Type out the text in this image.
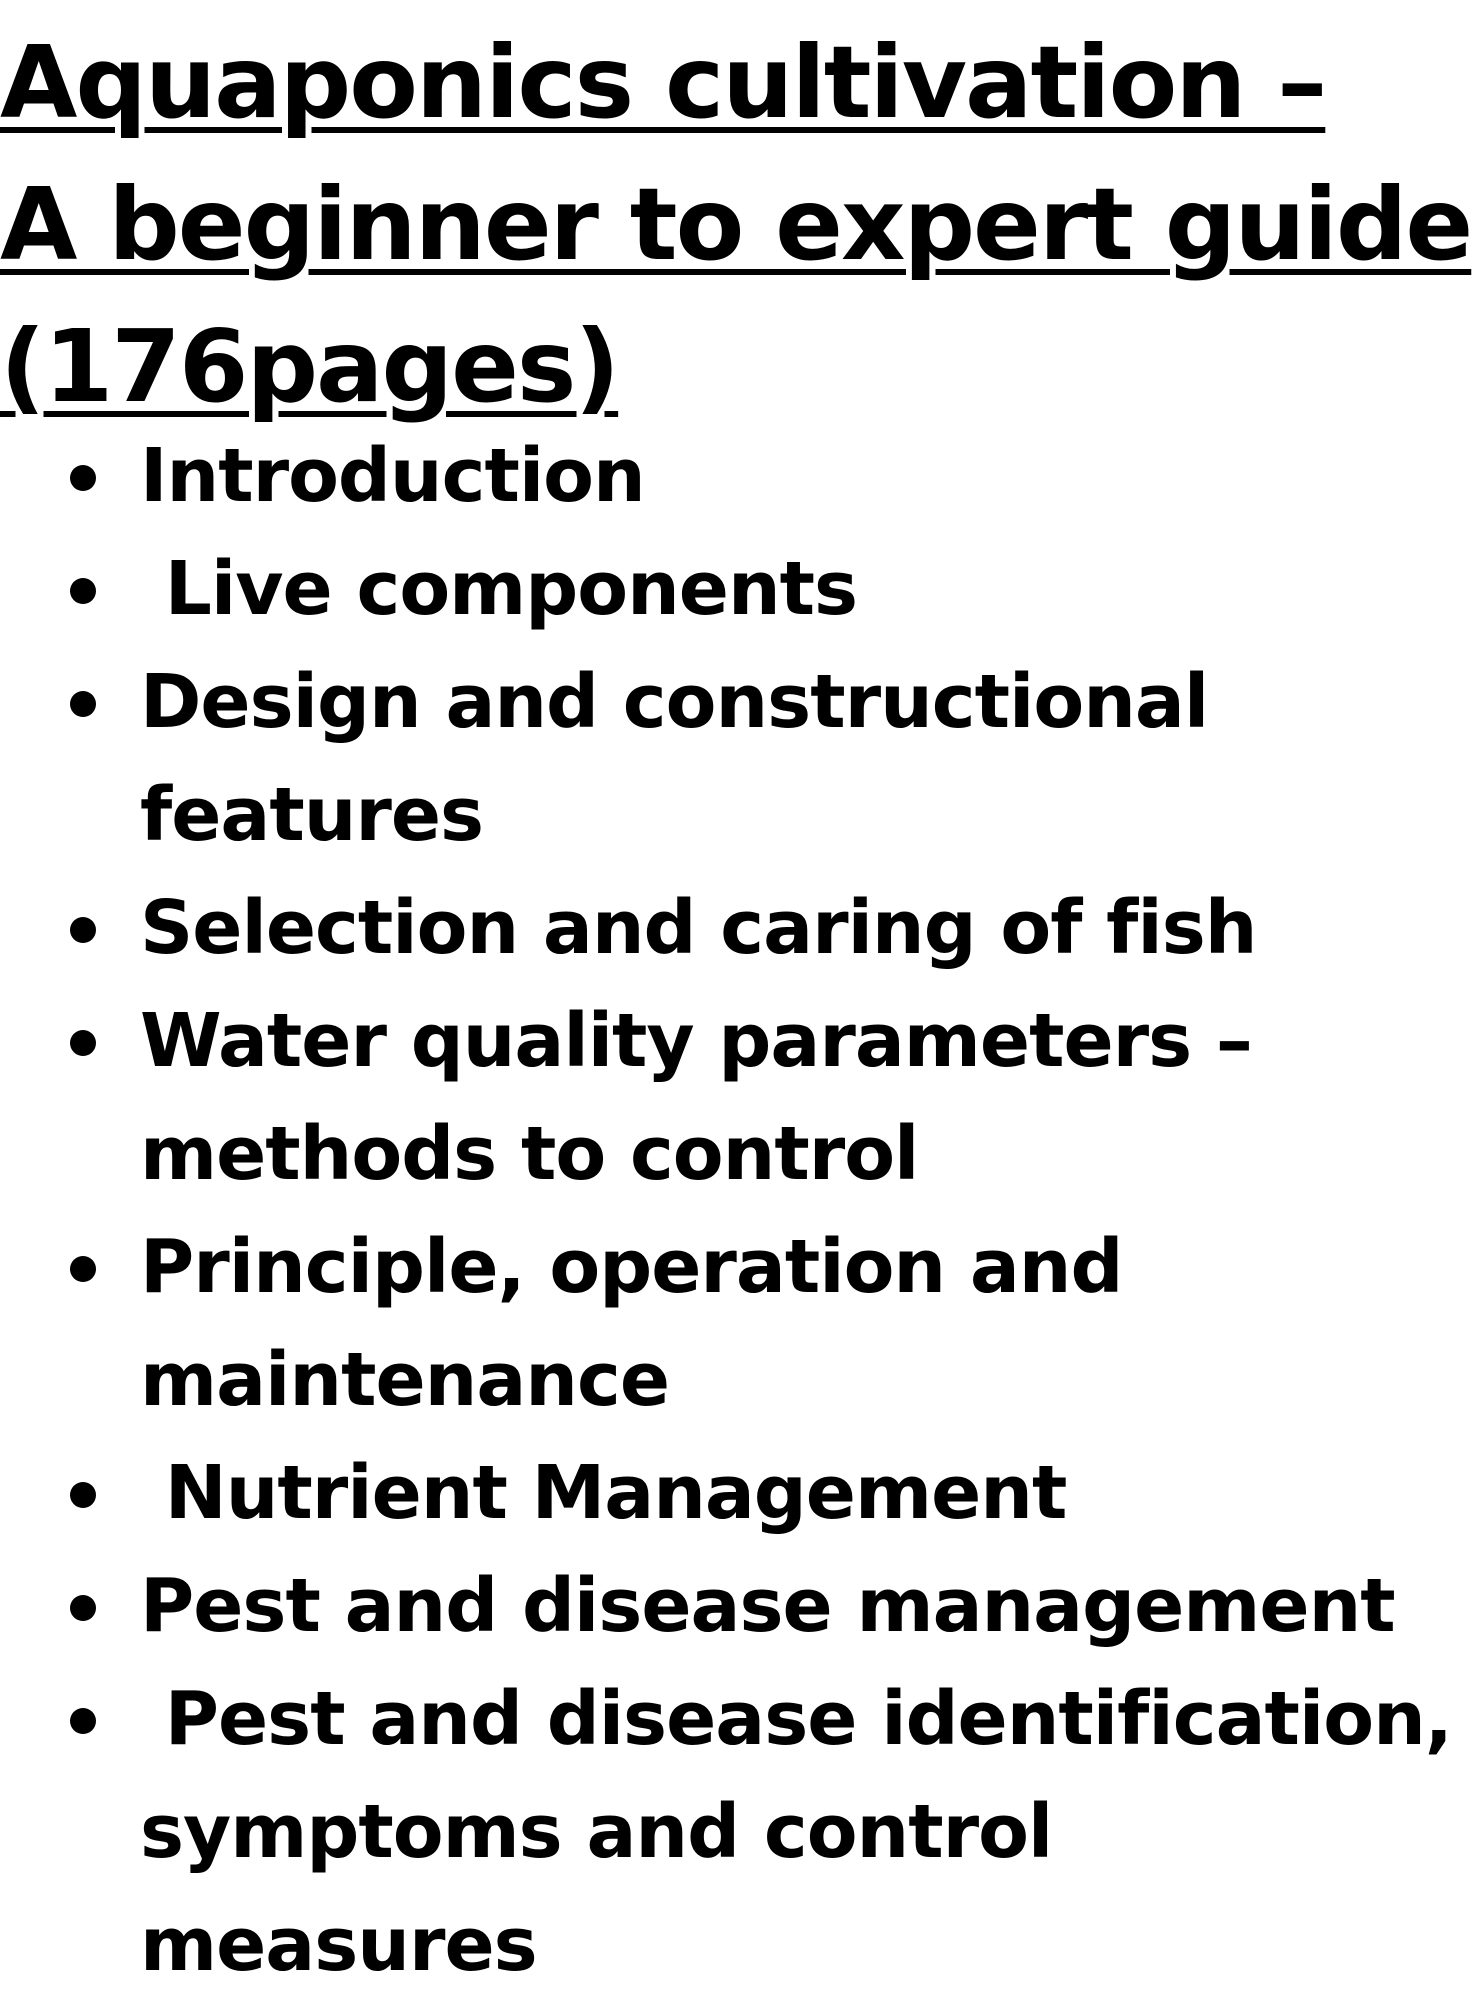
Aquaponics cultivation –
A beginner to expert guide
(176pages)
Introduction
Live components
Design and constructional
features
Selection and caring of fish
Water quality parameters –
methods to control
Principle, operation and
maintenance
Nutrient Management
Pest and disease management
Pest and disease identification,
symptoms and control
measures
